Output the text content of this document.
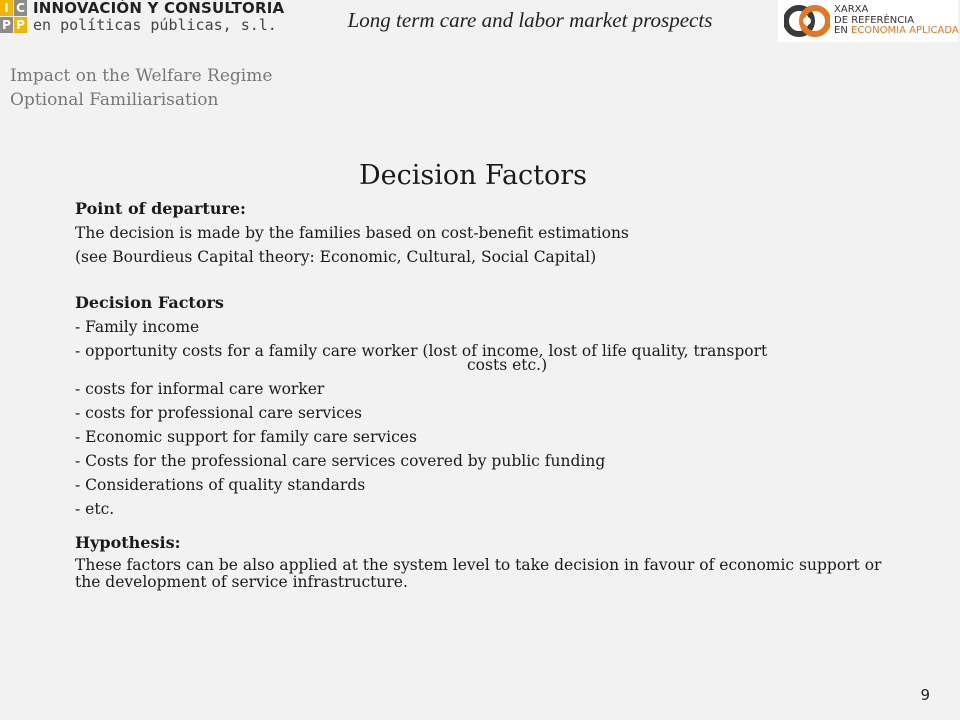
I C
P P
INNOVACIÓN Y CONSULTORIA
en políticas públicas, s.l.	Long term care and labor market prospects	XARXA
DE REFERÈNCIA
EN ECONOMIA APLICADA
Impact on the Welfare Regime
Optional Familiarisation
Decision Factors
Point of departure:
The decision is made by the families based on cost-benefit estimations
(see Bourdieus Capital theory: Economic, Cultural, Social Capital)
Decision Factors
- Family income
- opportunity costs for a family care worker (lost of income, lost of life quality, transport
costs etc.)
- costs for informal care worker
- costs for professional care services
- Economic support for family care services
- Costs for the professional care services covered by public funding
- Considerations of quality standards
- etc.
Hypothesis:
These factors can be also applied at the system level to take decision in favour of economic support or the development of service infrastructure.
9
